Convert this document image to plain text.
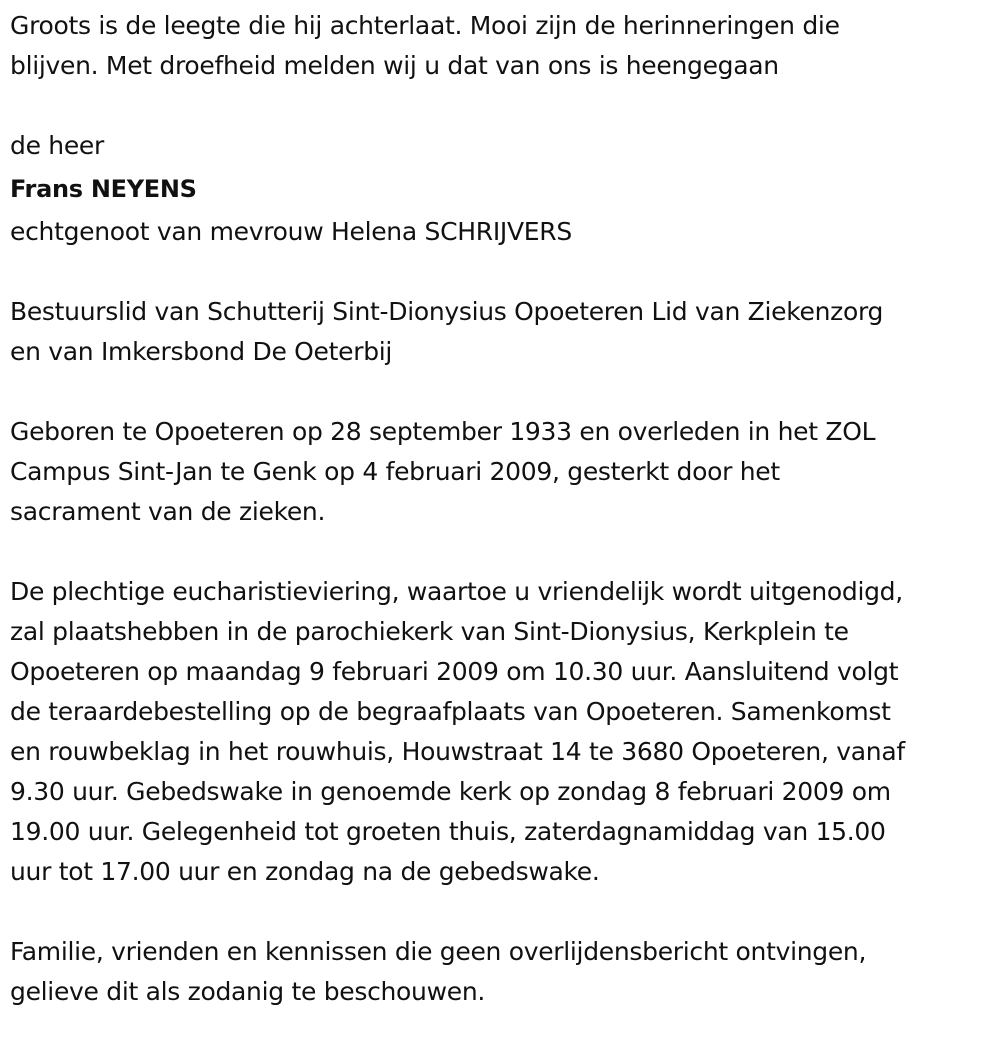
Groots is de leegte die hij achterlaat. Mooi zijn de herinneringen die
blijven. Met droefheid melden wij u dat van ons is heengegaan
de heer
Frans NEYENS
echtgenoot van mevrouw Helena SCHRIJVERS
Bestuurslid van Schutterij Sint-Dionysius Opoeteren Lid van Ziekenzorg
en van Imkersbond De Oeterbij
Geboren te Opoeteren op 28 september 1933 en overleden in het ZOL
Campus Sint-Jan te Genk op 4 februari 2009, gesterkt door het
sacrament van de zieken.
De plechtige eucharistieviering, waartoe u vriendelijk wordt uitgenodigd,
zal plaatshebben in de parochiekerk van Sint-Dionysius, Kerkplein te
Opoeteren op maandag 9 februari 2009 om 10.30 uur. Aansluitend volgt
de teraardebestelling op de begraafplaats van Opoeteren. Samenkomst
en rouwbeklag in het rouwhuis, Houwstraat 14 te 3680 Opoeteren, vanaf
9.30 uur. Gebedswake in genoemde kerk op zondag 8 februari 2009 om
19.00 uur. Gelegenheid tot groeten thuis, zaterdagnamiddag van 15.00
uur tot 17.00 uur en zondag na de gebedswake.
Familie, vrienden en kennissen die geen overlijdensbericht ontvingen,
gelieve dit als zodanig te beschouwen.
